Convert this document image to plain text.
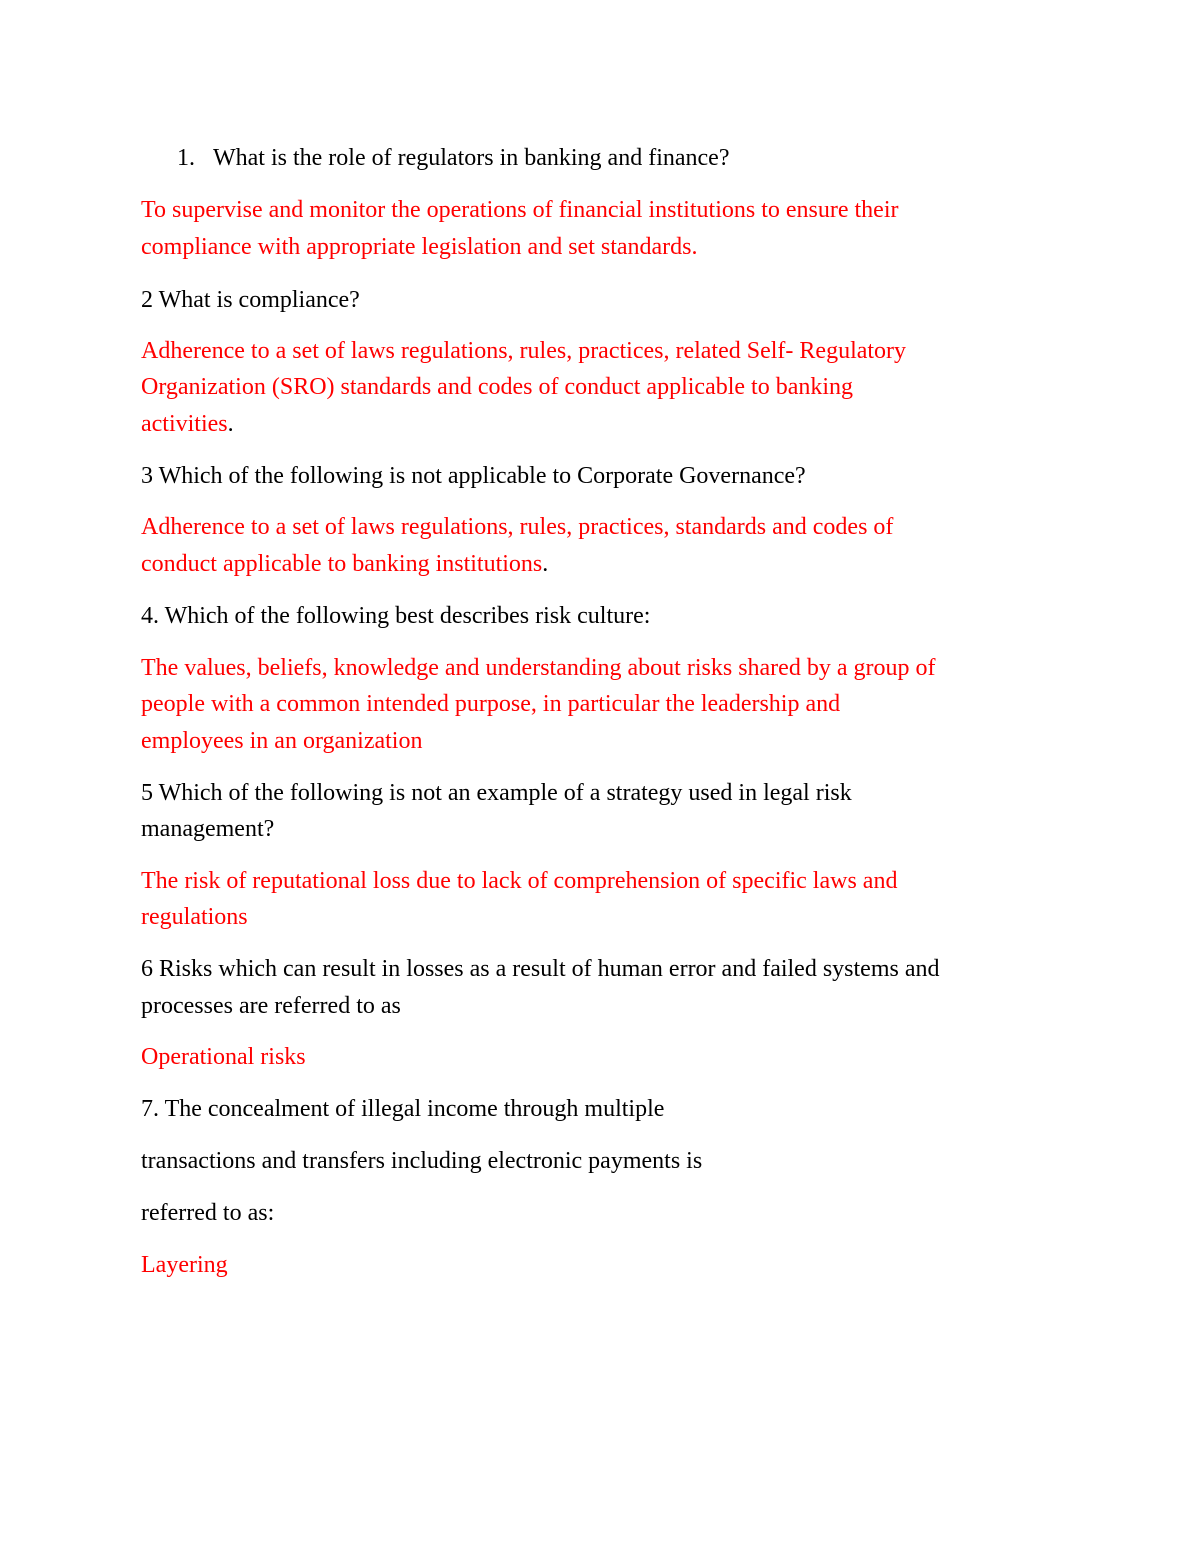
1. What is the role of regulators in banking and finance?
To supervise and monitor the operations of financial institutions to ensure their
compliance with appropriate legislation and set standards.
2 What is compliance?
Adherence to a set of laws regulations, rules, practices, related Self- Regulatory
Organization (SRO) standards and codes of conduct applicable to banking
activities.
3 Which of the following is not applicable to Corporate Governance?
Adherence to a set of laws regulations, rules, practices, standards and codes of
conduct applicable to banking institutions.
4. Which of the following best describes risk culture:
The values, beliefs, knowledge and understanding about risks shared by a group of
people with a common intended purpose, in particular the leadership and
employees in an organization
5 Which of the following is not an example of a strategy used in legal risk
management?
The risk of reputational loss due to lack of comprehension of specific laws and
regulations
6 Risks which can result in losses as a result of human error and failed systems and
processes are referred to as
Operational risks
7. The concealment of illegal income through multiple
transactions and transfers including electronic payments is
referred to as:
Layering
